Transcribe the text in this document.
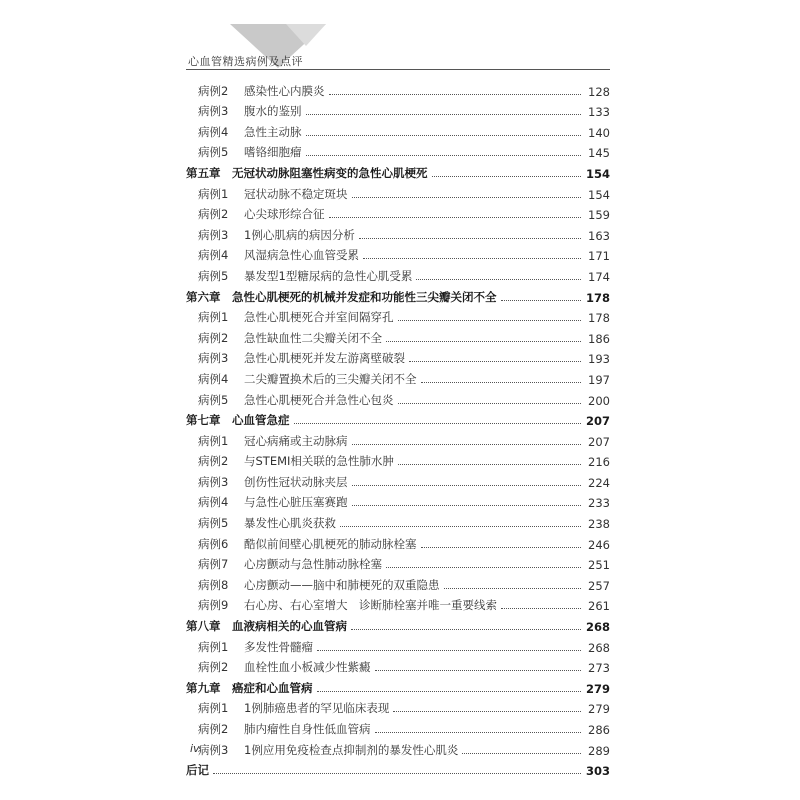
心血管精选病例及点评
病例2 感染性心内膜炎	128
病例3 腹水的鉴别	133
病例4 急性主动脉	140
病例5 嗜铬细胞瘤	145
第五章　无冠状动脉阻塞性病变的急性心肌梗死	154
病例1 冠状动脉不稳定斑块	154
病例2 心尖球形综合征	159
病例3 1例心肌病的病因分析	163
病例4 风湿病急性心血管受累	171
病例5 暴发型1型糖尿病的急性心肌受累	174
第六章　急性心肌梗死的机械并发症和功能性三尖瓣关闭不全	178
病例1 急性心肌梗死合并室间隔穿孔	178
病例2 急性缺血性二尖瓣关闭不全	186
病例3 急性心肌梗死并发左游离壁破裂	193
病例4 二尖瓣置换术后的三尖瓣关闭不全	197
病例5 急性心肌梗死合并急性心包炎	200
第七章　心血管急症	207
病例1 冠心病痛或主动脉病	207
病例2 与STEMI相关联的急性肺水肿	216
病例3 创伤性冠状动脉夹层	224
病例4 与急性心脏压塞赛跑	233
病例5 暴发性心肌炎获救	238
病例6 酷似前间壁心肌梗死的肺动脉栓塞	246
病例7 心房颤动与急性肺动脉栓塞	251
病例8 心房颤动——脑中和肺梗死的双重隐患	257
病例9 右心房、右心室增大　诊断肺栓塞并唯一重要线索	261
第八章　血液病相关的心血管病	268
病例1 多发性骨髓瘤	268
病例2 血栓性血小板减少性紫癜	273
第九章　癌症和心血管病	279
病例1 1例肺癌患者的罕见临床表现	279
病例2 肺内瘤性自身性低血管病	286
病例3 1例应用免疫检查点抑制剂的暴发性心肌炎	289
后记	303
iv
